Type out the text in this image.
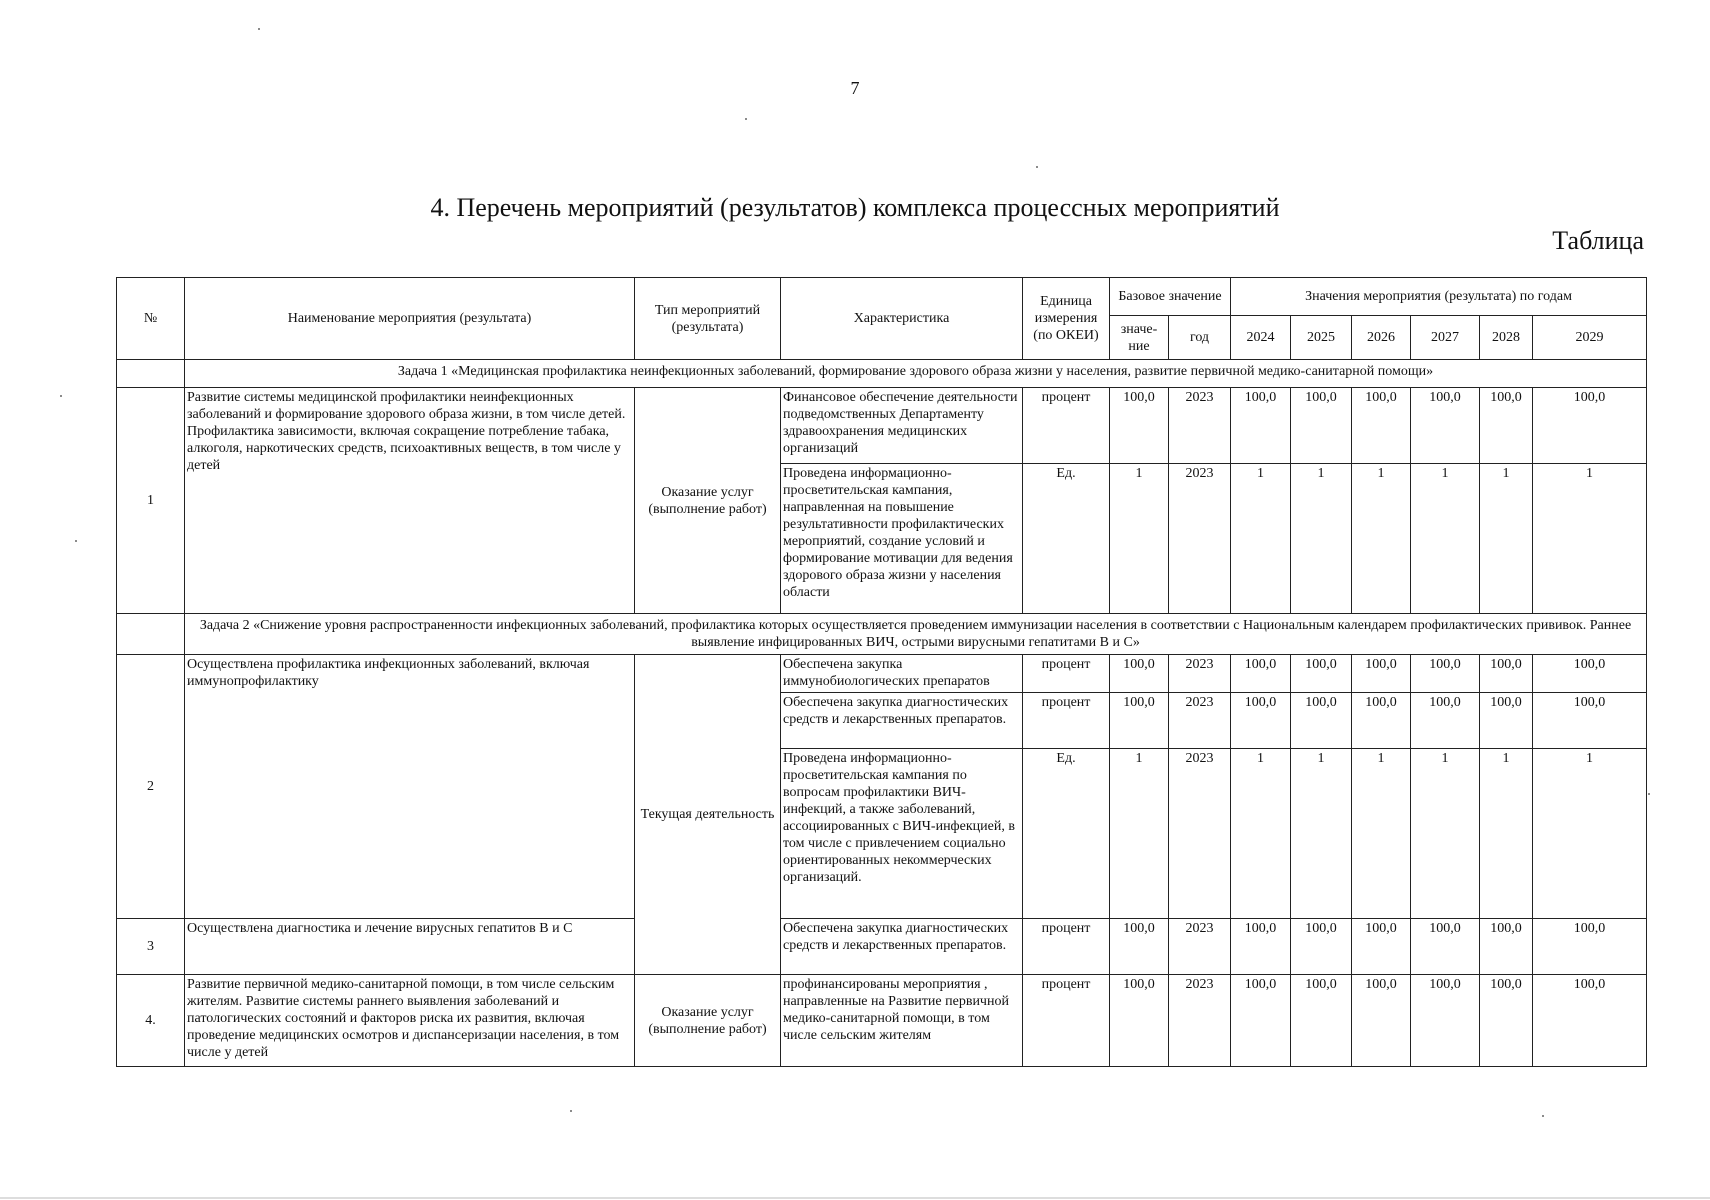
7
4. Перечень мероприятий (результатов) комплекса процессных мероприятий
Таблица
№	Наименование мероприятия (результата)	Тип мероприятий (результата)	Характеристика	Единица измерения (по ОКЕИ)	Базовое значение		Значения мероприятия (результата) по годам					
					значе-ние	год	2024	2025	2026	2027	2028	2029
	Задача 1 «Медицинская профилактика неинфекционных заболеваний, формирование здорового образа жизни у населения, развитие первичной медико-санитарной помощи»											
1	Развитие системы медицинской профилактики неинфекционных заболеваний и формирование здорового образа жизни, в том числе детей. Профилактика зависимости, включая сокращение потребление табака, алкоголя, наркотических средств, психоактивных веществ, в том числе у детей	Оказание услуг (выполнение работ)	Финансовое обеспечение деятельности подведомственных Департаменту здравоохранения медицинских организаций	процент	100,0	2023	100,0	100,0	100,0	100,0	100,0	100,0
			Проведена информационно-просветительская кампания, направленная на повышение результативности профилактических мероприятий, создание условий и формирование мотивации для ведения здорового образа жизни у населения области	Ед.	1	2023	1	1	1	1	1	1
	Задача 2 «Снижение уровня распространенности инфекционных заболеваний, профилактика которых осуществляется проведением иммунизации населения в соответствии с Национальным календарем профилактических прививок. Раннее выявление инфицированных ВИЧ, острыми вирусными гепатитами В и С»											
2	Осуществлена профилактика инфекционных заболеваний, включая иммунопрофилактику	Текущая деятельность	Обеспечена закупка иммунобиологических препаратов	процент	100,0	2023	100,0	100,0	100,0	100,0	100,0	100,0
			Обеспечена закупка диагностических средств и лекарственных препаратов.	процент	100,0	2023	100,0	100,0	100,0	100,0	100,0	100,0
			Проведена информационно-просветительская кампания по вопросам профилактики ВИЧ-инфекций, а также заболеваний, ассоциированных с ВИЧ-инфекцией, в том числе с привлечением социально ориентированных некоммерческих организаций.	Ед.	1	2023	1	1	1	1	1	1
3	Осуществлена диагностика и лечение вирусных гепатитов В и С		Обеспечена закупка диагностических средств и лекарственных препаратов.	процент	100,0	2023	100,0	100,0	100,0	100,0	100,0	100,0
4.	Развитие первичной медико-санитарной помощи, в том числе сельским жителям. Развитие системы раннего выявления заболеваний и патологических состояний и факторов риска их развития, включая проведение медицинских осмотров и диспансеризации населения, в том числе у детей	Оказание услуг (выполнение работ)	профинансированы мероприятия , направленные на Развитие первичной медико-санитарной помощи, в том числе сельским жителям	процент	100,0	2023	100,0	100,0	100,0	100,0	100,0	100,0
